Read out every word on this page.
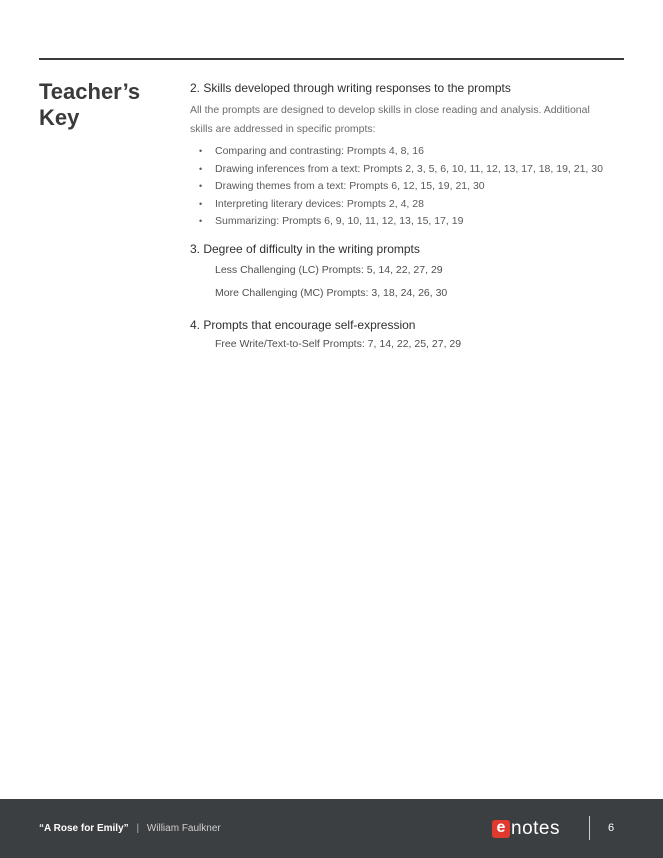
Teacher’s
Key
2. Skills developed through writing responses to the prompts

All the prompts are designed to develop skills in close reading and analysis. Additional
skills are addressed in specific prompts:

• Comparing and contrasting: Prompts 4, 8, 16
• Drawing inferences from a text: Prompts 2, 3, 5, 6, 10, 11, 12, 13, 17, 18, 19, 21, 30
• Drawing themes from a text: Prompts 6, 12, 15, 19, 21, 30
• Interpreting literary devices: Prompts 2, 4, 28
• Summarizing: Prompts 6, 9, 10, 11, 12, 13, 15, 17, 19
3. Degree of difficulty in the writing prompts
Less Challenging (LC) Prompts: 5, 14, 22, 27, 29
More Challenging (MC) Prompts: 3, 18, 24, 26, 30
4. Prompts that encourage self-expression
Free Write/Text-to-Self Prompts: 7, 14, 22, 25, 27, 29
“A Rose for Emily” | William Faulkner	e notes	6
